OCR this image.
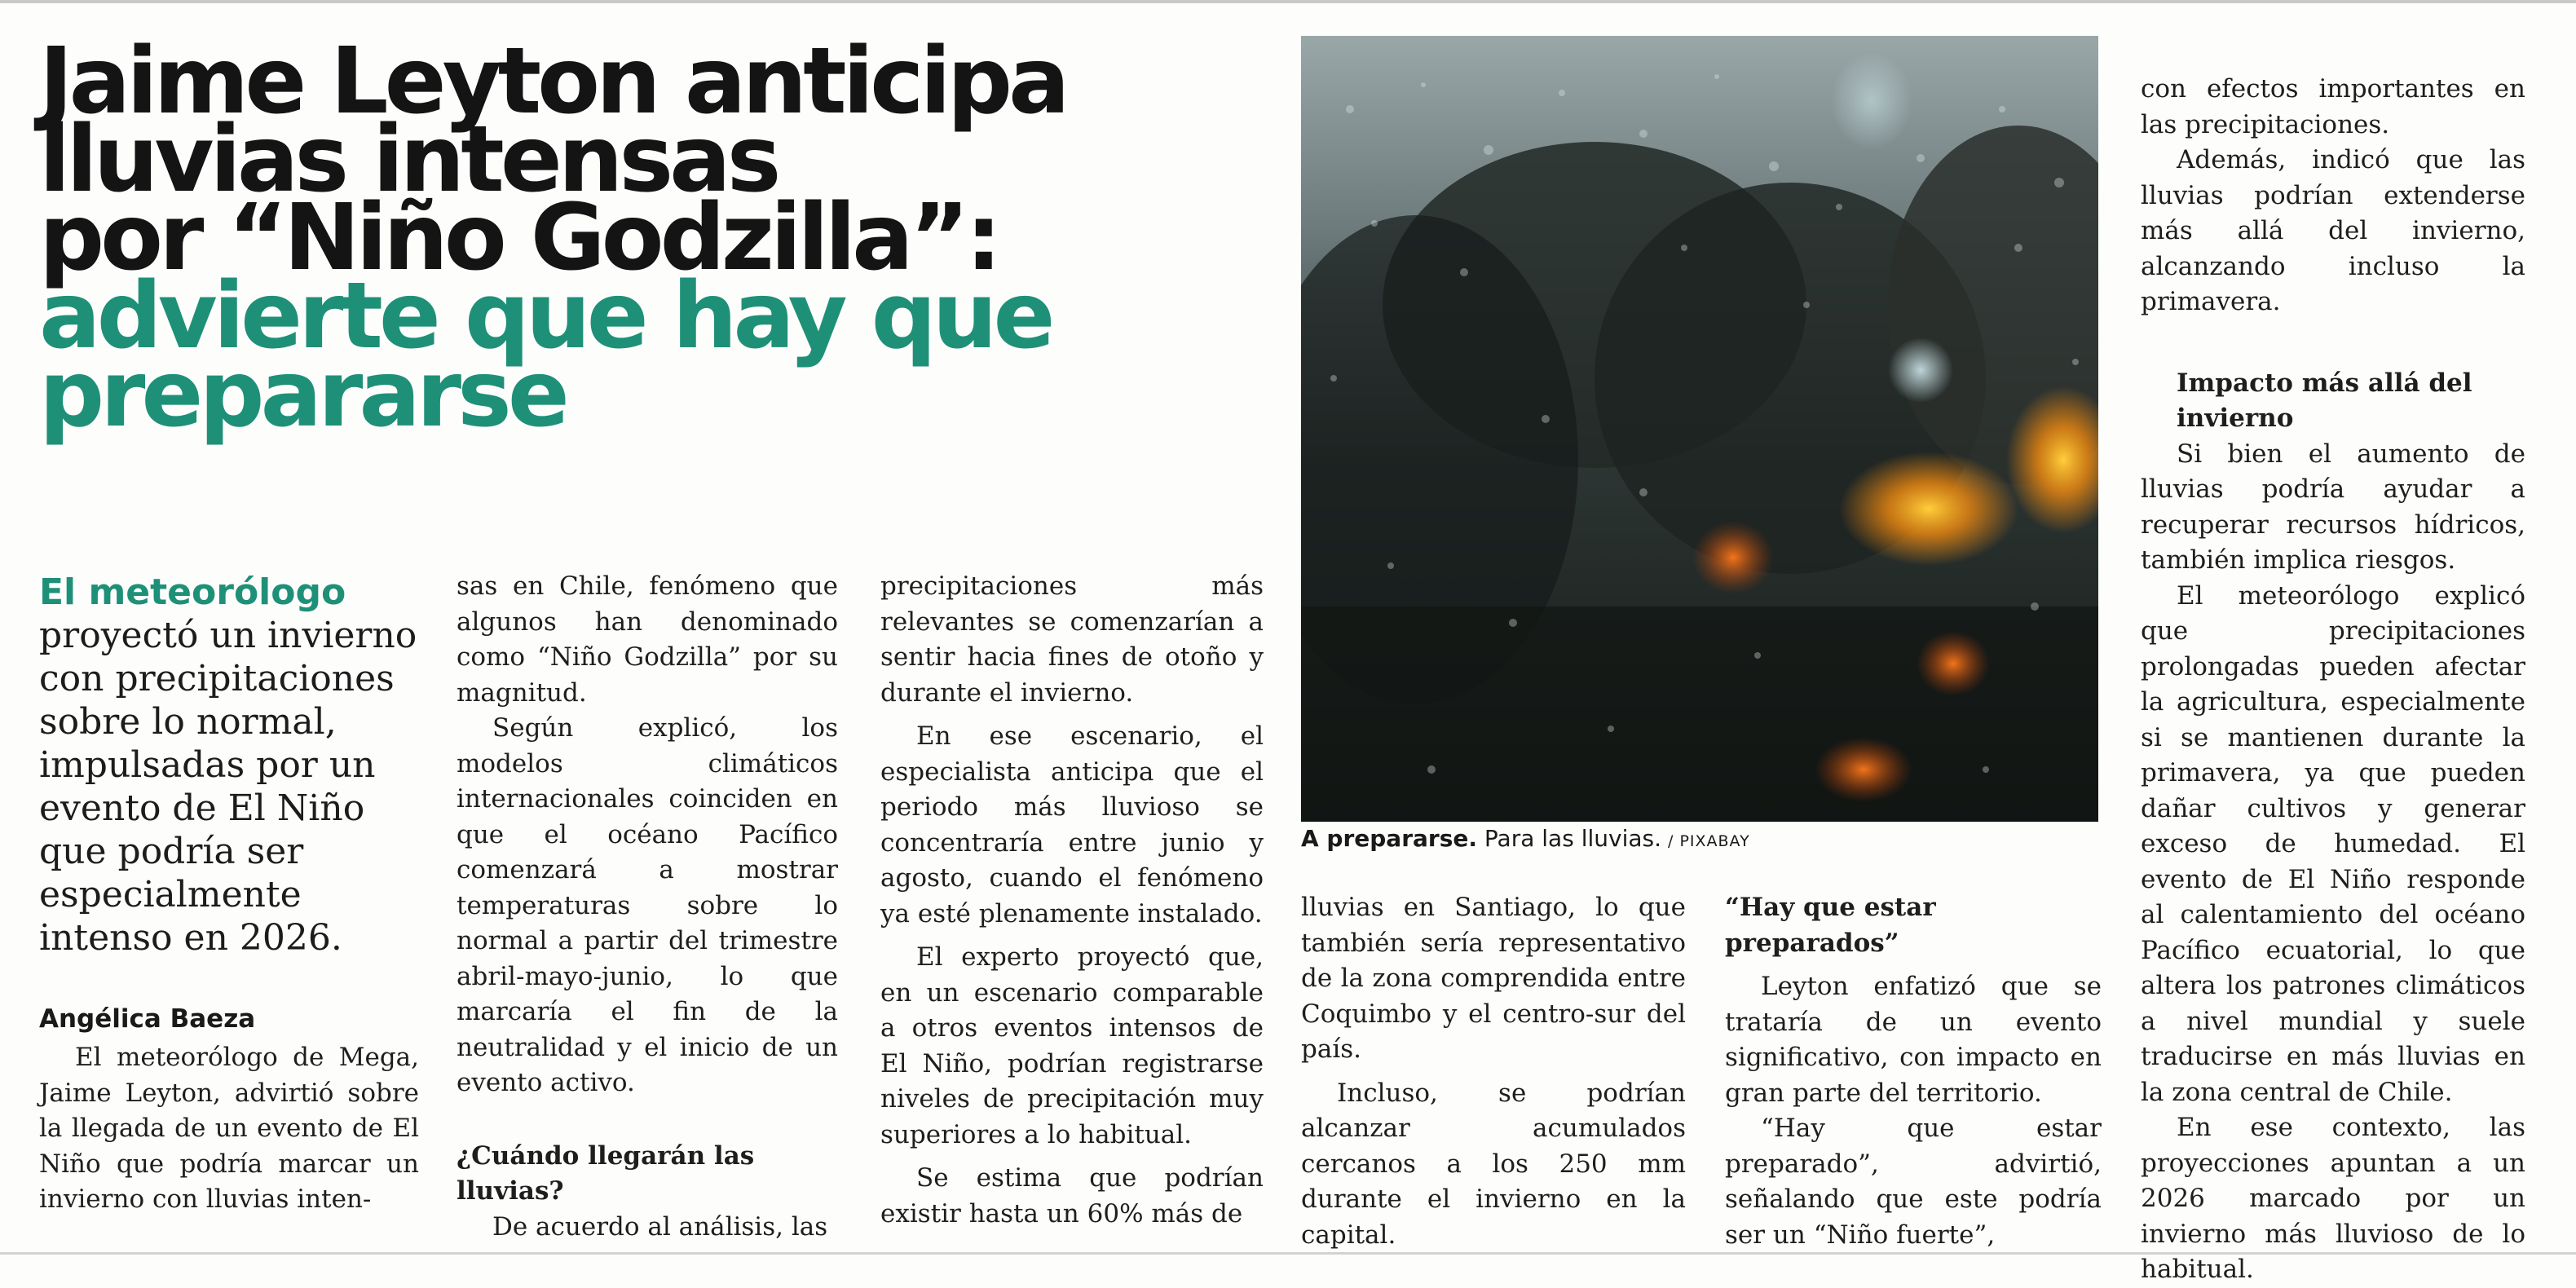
Jaime Leyton anticipa
lluvias intensas
por “Niño Godzilla”:
advierte que hay que
prepararse

El meteorólogo proyectó un invierno con precipitaciones sobre lo normal, impulsadas por un evento de El Niño que podría ser especialmente intenso en 2026.

Angélica Baeza

El meteorólogo de Mega, Jaime Leyton, advirtió sobre la llegada de un evento de El Niño que podría marcar un invierno con lluvias inten-

sas en Chile, fenómeno que algunos han denominado como “Niño Godzilla” por su magnitud.

Según explicó, los modelos climáticos internacionales coinciden en que el océano Pacífico comenzará a mostrar temperaturas sobre lo normal a partir del trimestre abril-mayo-junio, lo que marcaría el fin de la neutralidad y el inicio de un evento activo.

¿Cuándo llegarán las lluvias?

De acuerdo al análisis, las

precipitaciones más relevantes se comenzarían a sentir hacia fines de otoño y durante el invierno.

En ese escenario, el especialista anticipa que el periodo más lluvioso se concentraría entre junio y agosto, cuando el fenómeno ya esté plenamente instalado.

El experto proyectó que, en un escenario comparable a otros eventos intensos de El Niño, podrían registrarse niveles de precipitación muy superiores a lo habitual.

Se estima que podrían existir hasta un 60% más de

A prepararse. Para las lluvias. / PIXABAY

lluvias en Santiago, lo que también sería representativo de la zona comprendida entre Coquimbo y el centro-sur del país.

Incluso, se podrían alcanzar acumulados cercanos a los 250 mm durante el invierno en la capital.

“Hay que estar preparados”

Leyton enfatizó que se trataría de un evento significativo, con impacto en gran parte del territorio.

“Hay que estar preparado”, advirtió, señalando que este podría ser un “Niño fuerte”,

con efectos importantes en las precipitaciones.

Además, indicó que las lluvias podrían extenderse más allá del invierno, alcanzando incluso la primavera.

Impacto más allá del invierno

Si bien el aumento de lluvias podría ayudar a recuperar recursos hídricos, también implica riesgos.

El meteorólogo explicó que precipitaciones prolongadas pueden afectar la agricultura, especialmente si se mantienen durante la primavera, ya que pueden dañar cultivos y generar exceso de humedad. El evento de El Niño responde al calentamiento del océano Pacífico ecuatorial, lo que altera los patrones climáticos a nivel mundial y suele traducirse en más lluvias en la zona central de Chile.

En ese contexto, las proyecciones apuntan a un 2026 marcado por un invierno más lluvioso de lo habitual.
